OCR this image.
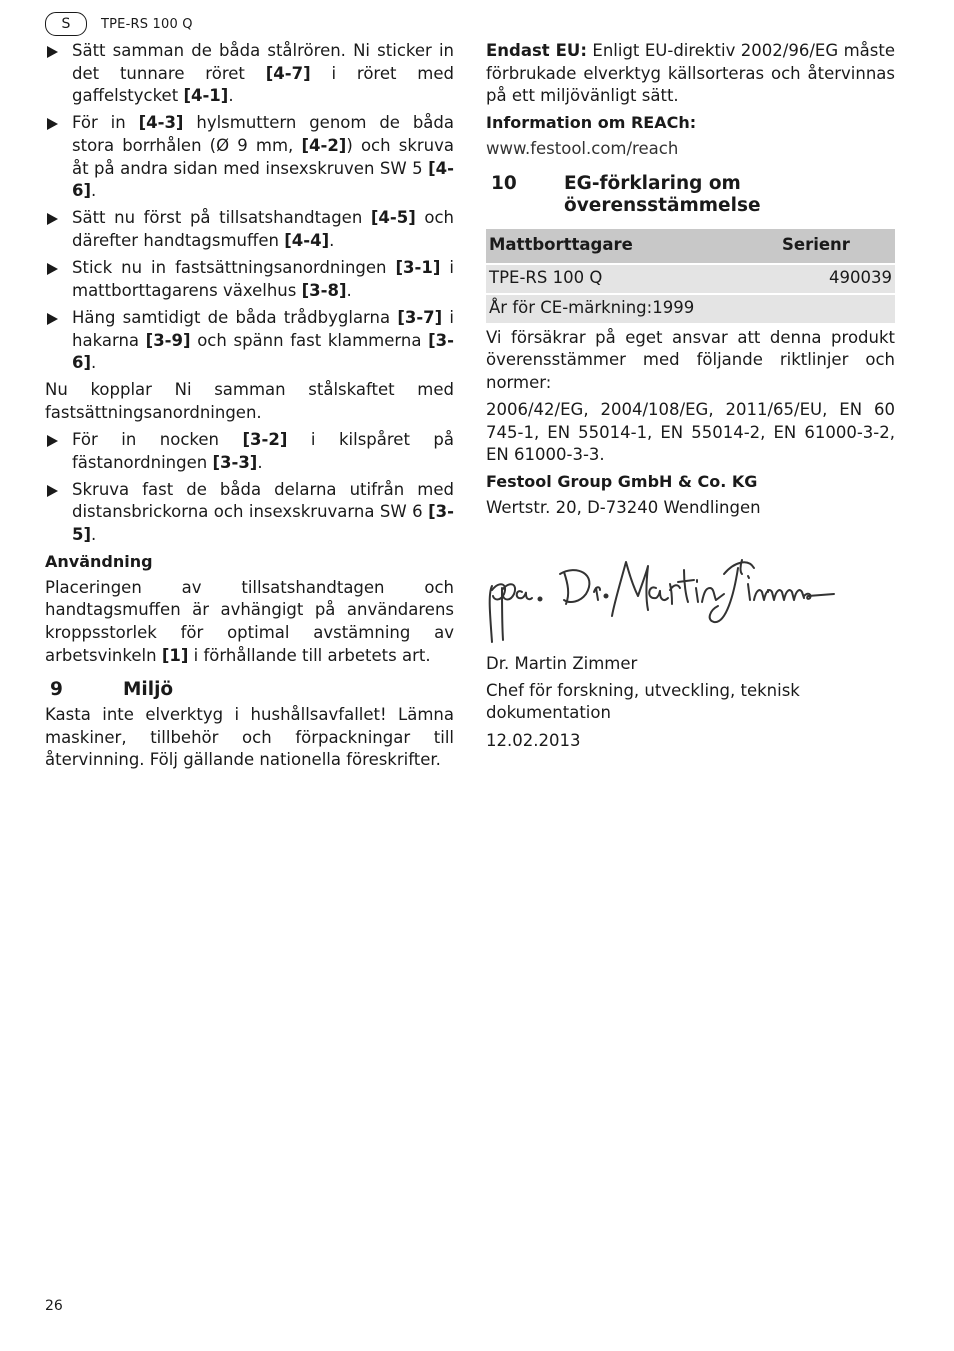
S	TPE-RS 100 Q
Sätt samman de båda stålrören. Ni sticker in det tunnare röret [4-7] i röret med gaffelstycket [4-1].
För in [4-3] hylsmuttern genom de båda stora borrhålen (Ø 9 mm, [4-2]) och skruva åt på andra sidan med insexskruven SW 5 [4-6].
Sätt nu först på tillsatshandtagen [4-5] och därefter handtagsmuffen [4-4].
Stick nu in fastsättningsanordningen [3-1] i mattborttagarens växelhus [3-8].
Häng samtidigt de båda trådbyglarna [3-7] i hakarna [3-9] och spänn fast klammerna [3-6].

Nu kopplar Ni samman stålskaftet med fastsättningsanordningen.

För in nocken [3-2] i kilspåret på fästanordningen [3-3].
Skruva fast de båda delarna utifrån med distansbrickorna och insexskruvarna SW 6 [3-5].
Användning

Placeringen av tillsatshandtagen och handtagsmuffen är avhängigt på användarens kroppsstorlek för optimal avstämning av arbetsvinkeln [1] i förhållande till arbetets art.

9	Miljö

Kasta inte elverktyg i hushållsavfallet! Lämna maskiner, tillbehör och förpackningar till återvinning. Följ gällande nationella föreskrifter.

Endast EU: Enligt EU-direktiv 2002/96/EG måste förbrukade elverktyg källsorteras och återvinnas på ett miljövänligt sätt.

Information om REACh:

www.festool.com/reach

10	EG-förklaring om överensstämmelse
Mattborttagare	Serienr
TPE-RS 100 Q	490039
År för CE-märkning:1999	

Vi försäkrar på eget ansvar att denna produkt överensstämmer med följande riktlinjer och normer:

2006/42/EG, 2004/108/EG, 2011/65/EU, EN 60 745-1, EN 55014-1, EN 55014-2, EN 61000-3-2, EN 61000-3-3.

Festool Group GmbH & Co. KG

Wertstr. 20, D-73240 Wendlingen

Dr. Martin Zimmer

Chef för forskning, utveckling, teknisk dokumentation

12.02.2013

26
